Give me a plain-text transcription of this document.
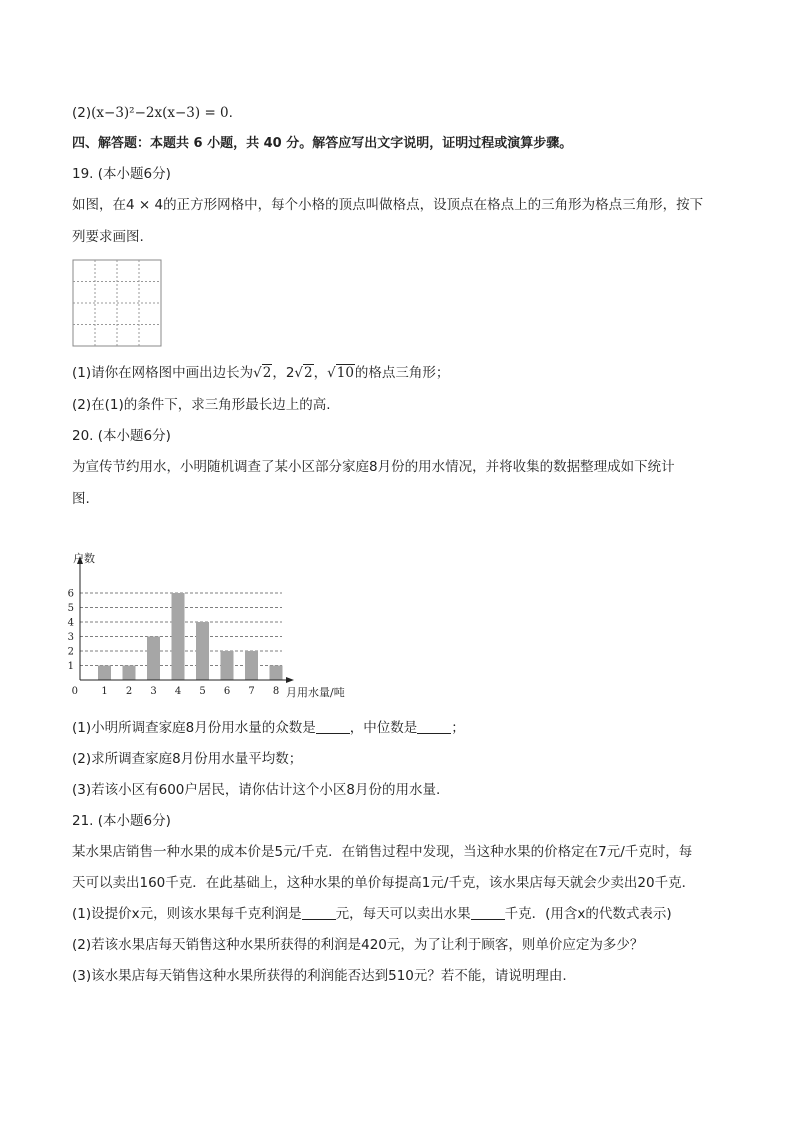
(2)(x−3)²−2x(x−3) = 0.
四、解答题：本题共 6 小题，共 40 分。解答应写出文字说明，证明过程或演算步骤。
19. (本小题6分)
如图，在4 × 4的正方形网格中，每个小格的顶点叫做格点，设顶点在格点上的三角形为格点三角形，按下
列要求画图.
(1)请你在网格图中画出边长为√2，2√2，√10的格点三角形；
(2)在(1)的条件下，求三角形最长边上的高.
20. (本小题6分)
为宣传节约用水，小明随机调查了某小区部分家庭8月份的用水情况，并将收集的数据整理成如下统计
图.
1
2
3
4
5
6
1 2 3 4 5 6 7 8
0
户数
月用水量/吨
(1)小明所调查家庭8月份用水量的众数是	，中位数是	；
(2)求所调查家庭8月份用水量平均数；
(3)若该小区有600户居民，请你估计这个小区8月份的用水量.
21. (本小题6分)
某水果店销售一种水果的成本价是5元/千克．在销售过程中发现，当这种水果的价格定在7元/千克时，每
天可以卖出160千克．在此基础上，这种水果的单价每提高1元/千克，该水果店每天就会少卖出20千克．
(1)设提价x元，则该水果每千克利润是	元，每天可以卖出水果	千克．(用含x的代数式表示)
(2)若该水果店每天销售这种水果所获得的利润是420元，为了让利于顾客，则单价应定为多少？
(3)该水果店每天销售这种水果所获得的利润能否达到510元？若不能，请说明理由.
